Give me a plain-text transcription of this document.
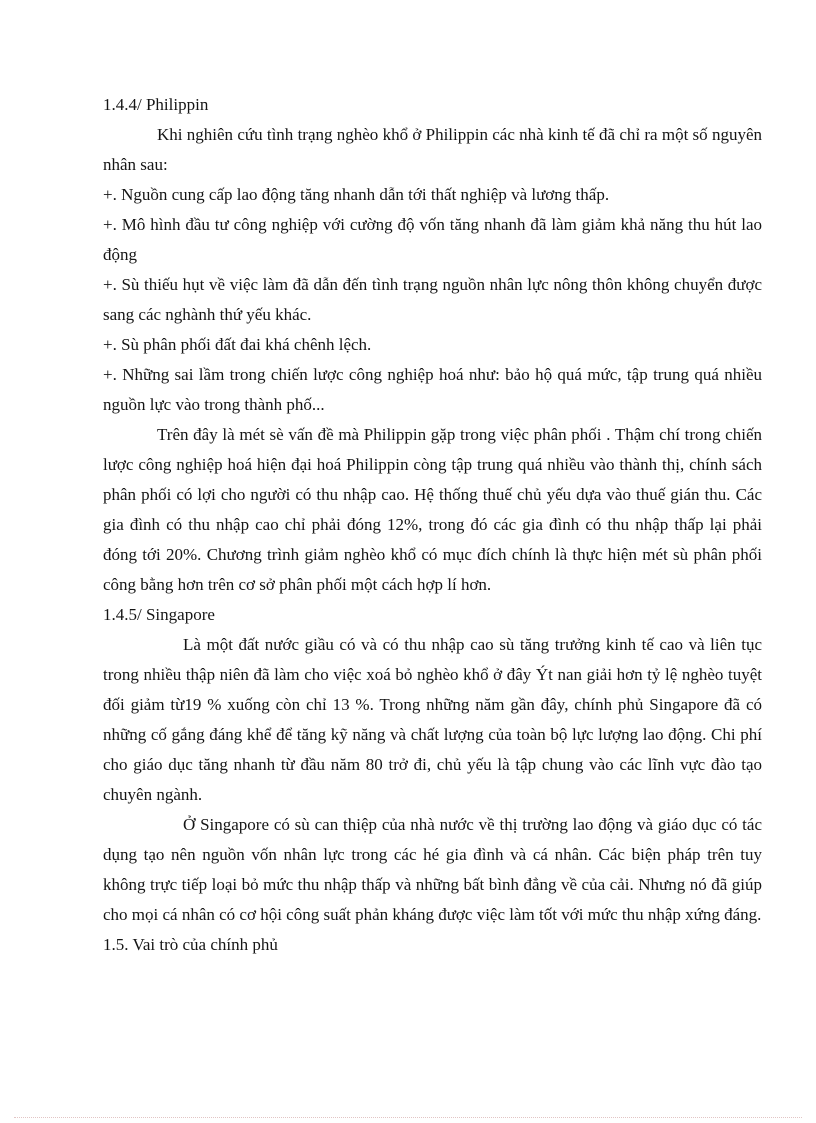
1.4.4/ Philippin

Khi nghiên cứu tình trạng nghèo khổ ở Philippin các nhà kinh tế đã chỉ ra một số nguyên nhân sau:

+. Nguồn cung cấp lao động tăng nhanh dẫn tới thất nghiệp và lương thấp.

+. Mô hình đầu tư công nghiệp với cường độ vốn tăng nhanh đã làm giảm khả năng thu hút lao động

+. Sù thiếu hụt về việc làm đã dẫn đến tình trạng nguồn nhân lực nông thôn không chuyển được sang các nghành thứ yếu khác.

+. Sù phân phối đất đai khá chênh lệch.

+. Những sai lầm trong chiến lược công nghiệp hoá như: bảo hộ quá mức, tập trung quá nhiều nguồn lực vào trong thành phố...

Trên đây là mét sè vấn đề mà Philippin gặp trong việc phân phối . Thậm chí trong chiến lược công nghiệp hoá hiện đại hoá Philippin còng tập trung quá nhiều vào thành thị, chính sách phân phối có lợi cho người có thu nhập cao. Hệ thống thuế chủ yếu dựa vào thuế gián thu. Các gia đình có thu nhập cao chỉ phải đóng 12%, trong đó các gia đình có thu nhập thấp lại phải đóng tới 20%. Chương trình giảm nghèo khổ có mục đích chính là thực hiện mét sù phân phối công bằng hơn trên cơ sở phân phối một cách hợp lí hơn.

1.4.5/ Singapore

Là một đất nước giầu có và có thu nhập cao sù tăng trưởng kinh tế cao và liên tục trong nhiều thập niên đã làm cho việc xoá bỏ nghèo khổ ở đây Ýt nan giải hơn tỷ lệ nghèo tuyệt đối giảm từ19 % xuống còn chỉ 13 %. Trong những năm gần đây, chính phủ Singapore đã có những cố gắng đáng khể để tăng kỹ năng và chất lượng của toàn bộ lực lượng lao động. Chi phí cho giáo dục tăng nhanh từ đầu năm 80 trở đi, chủ yếu là tập chung vào các lĩnh vực đào tạo chuyên ngành.

Ở Singapore có sù can thiệp của nhà nước về thị trường lao động và giáo dục có tác dụng tạo nên nguồn vốn nhân lực trong các hé gia đình và cá nhân. Các biện pháp trên tuy không trực tiếp loại bỏ mức thu nhập thấp và những bất bình đẳng về của cải. Nhưng nó đã giúp cho mọi cá nhân có cơ hội công suất phản kháng được việc làm tốt với mức thu nhập xứng đáng.

1.5. Vai trò của chính phủ
